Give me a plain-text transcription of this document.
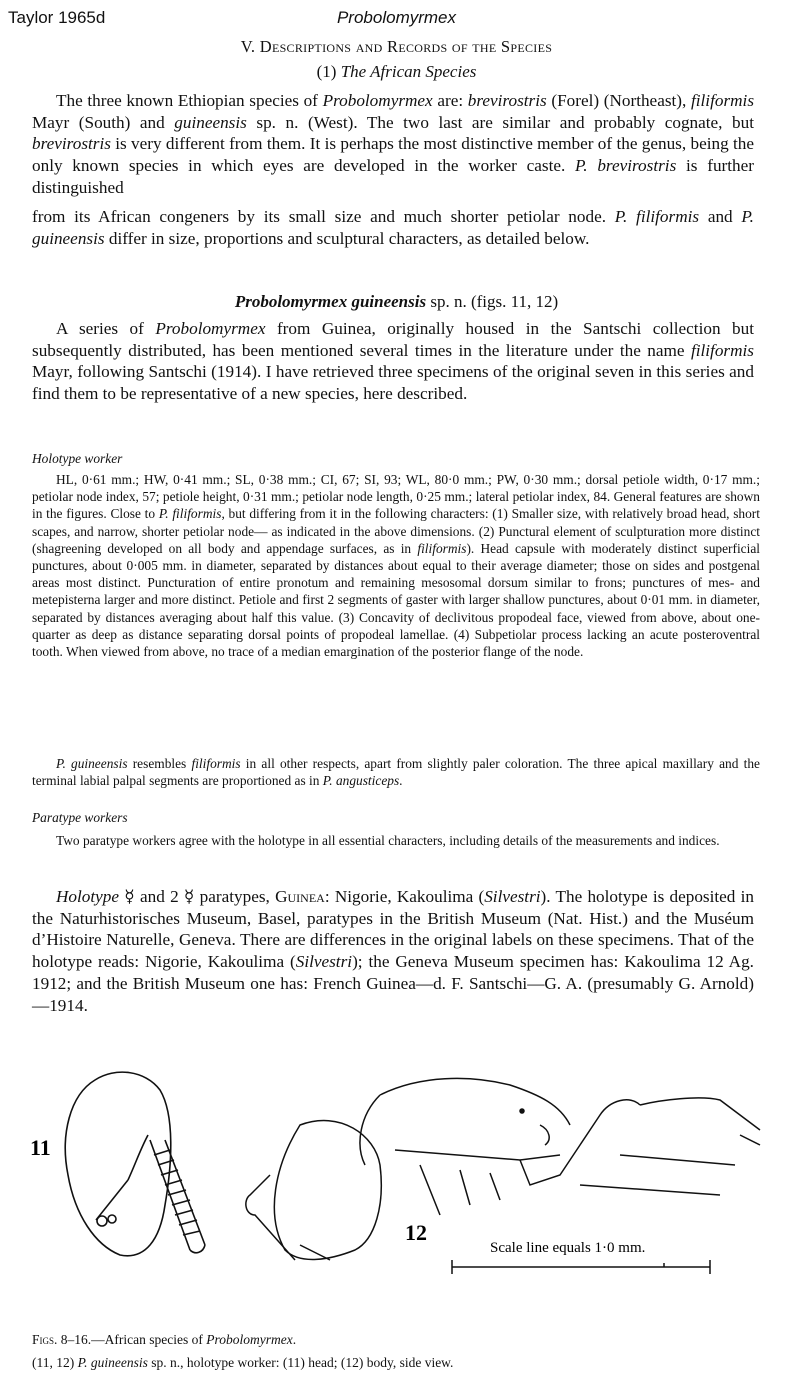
Taylor 1965d	Probolomyrmex
V. Descriptions and Records of the Species
(1) The African Species
The three known Ethiopian species of Probolomyrmex are: brevirostris (Forel) (Northeast), filiformis Mayr (South) and guineensis sp. n. (West). The two last are similar and probably cognate, but brevirostris is very different from them. It is perhaps the most distinctive member of the genus, being the only known species in which eyes are developed in the worker caste. P. brevirostris is further distinguished
from its African congeners by its small size and much shorter petiolar node. P. filiformis and P. guineensis differ in size, proportions and sculptural characters, as detailed below.
Probolomyrmex guineensis sp. n. (figs. 11, 12)
A series of Probolomyrmex from Guinea, originally housed in the Santschi collection but subsequently distributed, has been mentioned several times in the literature under the name filiformis Mayr, following Santschi (1914). I have retrieved three specimens of the original seven in this series and find them to be representative of a new species, here described.
Holotype worker
HL, 0·61 mm.; HW, 0·41 mm.; SL, 0·38 mm.; CI, 67; SI, 93; WL, 80·0 mm.; PW, 0·30 mm.; dorsal petiole width, 0·17 mm.; petiolar node index, 57; petiole height, 0·31 mm.; petiolar node length, 0·25 mm.; lateral petiolar index, 84. General features are shown in the figures. Close to P. filiformis, but differing from it in the following characters: (1) Smaller size, with relatively broad head, short scapes, and narrow, shorter petiolar node— as indicated in the above dimensions. (2) Punctural element of sculpturation more distinct (shagreening developed on all body and appendage surfaces, as in filiformis). Head capsule with moderately distinct superficial punctures, about 0·005 mm. in diameter, separated by distances about equal to their average diameter; those on sides and postgenal areas most distinct. Puncturation of entire pronotum and remaining mesosomal dorsum similar to frons; punctures of mes- and metepisterna larger and more distinct. Petiole and first 2 segments of gaster with larger shallow punctures, about 0·01 mm. in diameter, separated by distances averaging about half this value. (3) Concavity of declivitous propodeal face, viewed from above, about one-quarter as deep as distance separating dorsal points of propodeal lamellae. (4) Subpetiolar process lacking an acute posteroventral tooth. When viewed from above, no trace of a median emargination of the posterior flange of the node.
P. guineensis resembles filiformis in all other respects, apart from slightly paler coloration. The three apical maxillary and the terminal labial palpal segments are proportioned as in P. angusticeps.
Paratype workers
Two paratype workers agree with the holotype in all essential characters, including details of the measurements and indices.
Holotype ☿ and 2 ☿ paratypes, Guinea: Nigorie, Kakoulima (Silvestri). The holotype is deposited in the Naturhistorisches Museum, Basel, paratypes in the British Museum (Nat. Hist.) and the Muséum d’Histoire Naturelle, Geneva. There are differences in the original labels on these specimens. That of the holotype reads: Nigorie, Kakoulima (Silvestri); the Geneva Museum specimen has: Kakoulima 12 Ag. 1912; and the British Museum one has: French Guinea—d. F. Santschi—G. A. (presumably G. Arnold)—1914.
11
12
Scale line equals 1·0 mm.
Figs. 8–16.—African species of Probolomyrmex.
(11, 12) P. guineensis sp. n., holotype worker: (11) head; (12) body, side view.
